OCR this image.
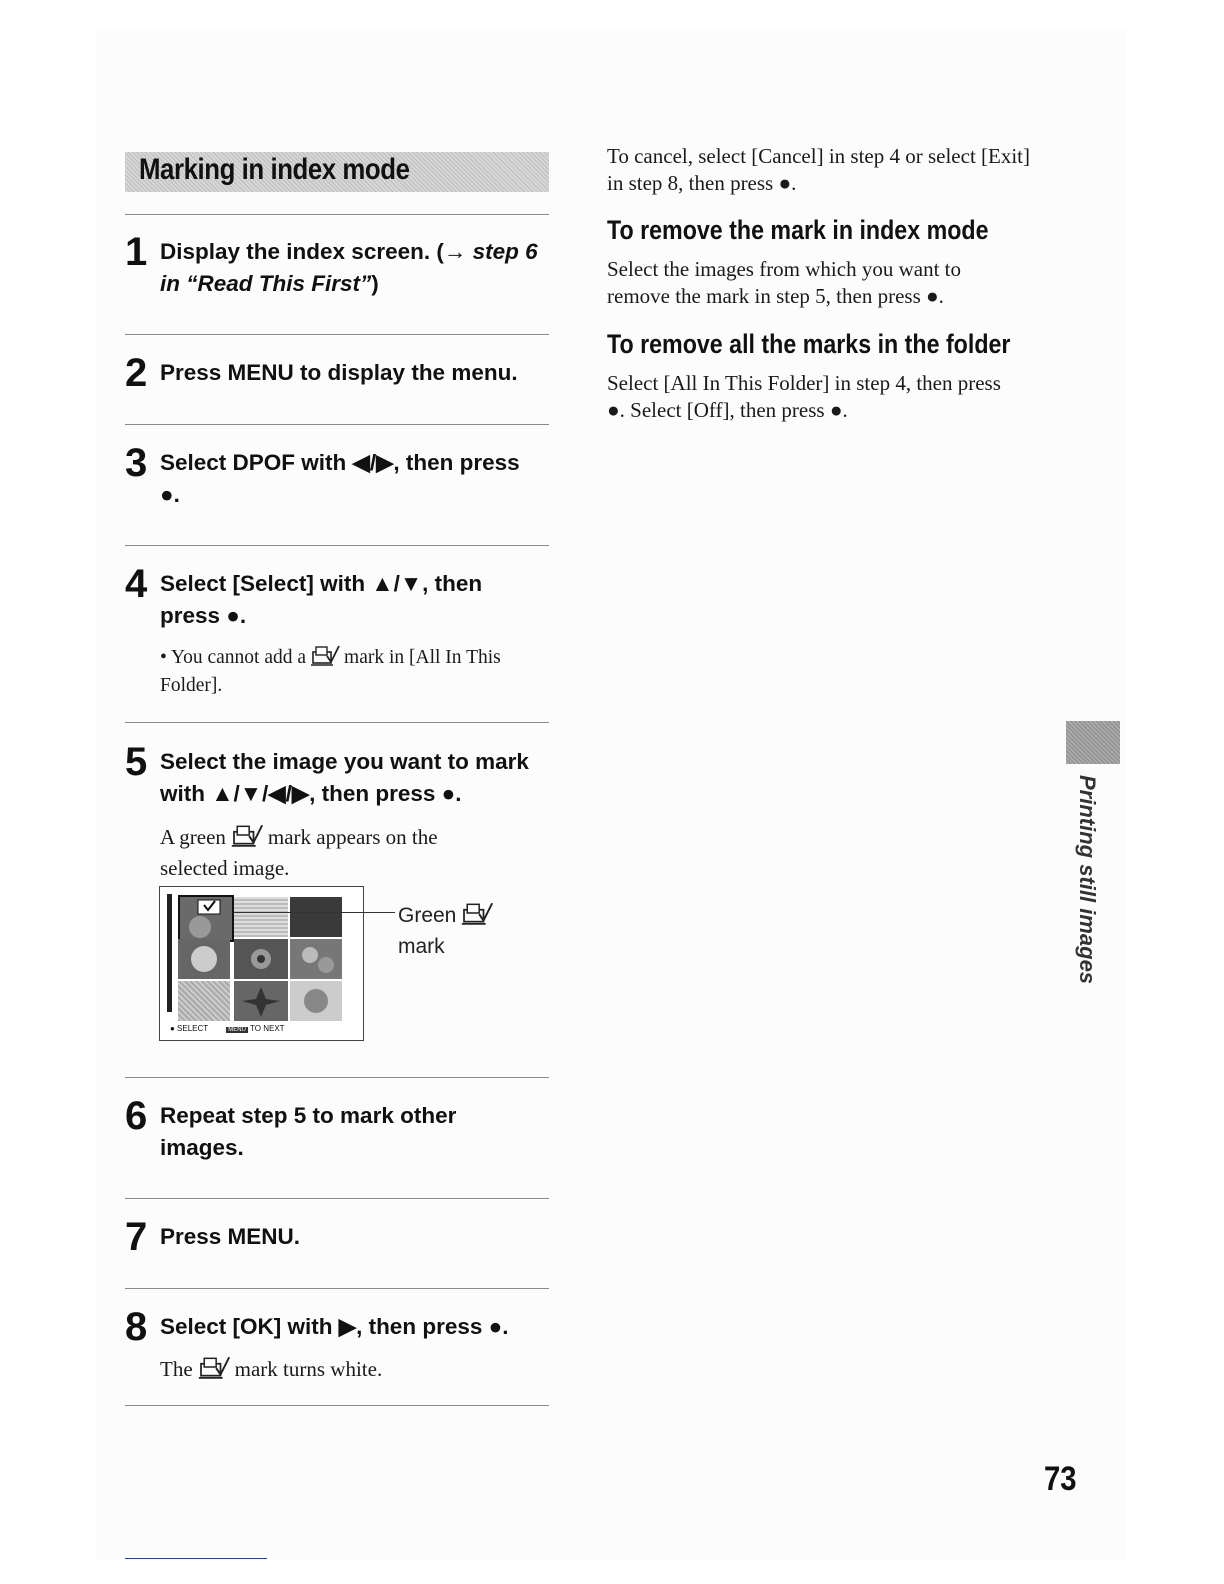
Marking in index mode
1 Display the index screen. (→ step 6 in “Read This First”)
2 Press MENU to display the menu.
3 Select DPOF with ◀/▶, then press ●.
4 Select [Select] with ▲/▼, then press ●.
• You cannot add a mark in [All In This Folder].
5 Select the image you want to mark with ▲/▼/◀/▶, then press ●.
A green mark appears on the selected image.
● SELECT	MENU TO NEXT
Green
mark
6 Repeat step 5 to mark other images.
7 Press MENU.
8 Select [OK] with ▶, then press ●.
The mark turns white.
To cancel, select [Cancel] in step 4 or select [Exit] in step 8, then press ●.
To remove the mark in index mode
Select the images from which you want to remove the mark in step 5, then press ●.
To remove all the marks in the folder
Select [All In This Folder] in step 4, then press ●. Select [Off], then press ●.
Printing still images
73
